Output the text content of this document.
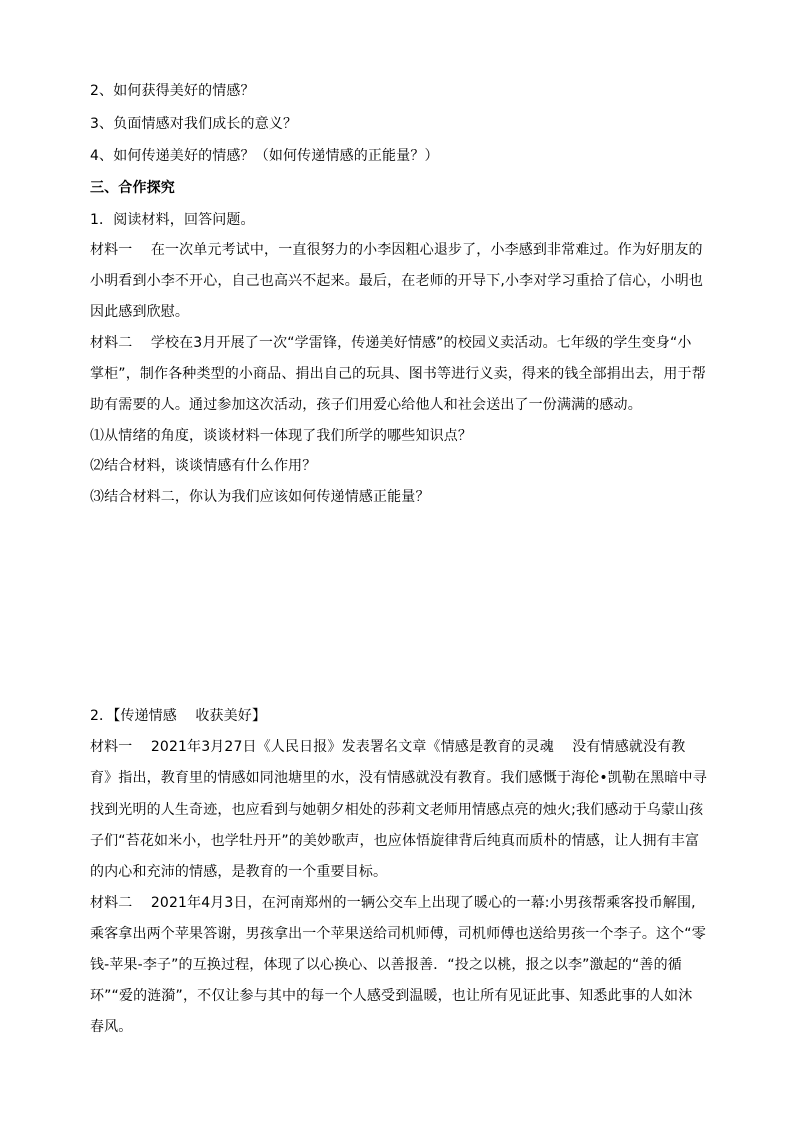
2、如何获得美好的情感？
3、负面情感对我们成长的意义？
4、如何传递美好的情感？（如何传递情感的正能量？）
三、合作探究
1．阅读材料，回答问题。
材料一    在一次单元考试中，一直很努力的小李因粗心退步了，小李感到非常难过。作为好朋友的
小明看到小李不开心，自己也高兴不起来。最后，在老师的开导下,小李对学习重拾了信心，小明也
因此感到欣慰。
材料二    学校在3月开展了一次“学雷锋，传递美好情感”的校园义卖活动。七年级的学生变身“小
掌柜”，制作各种类型的小商品、捐出自己的玩具、图书等进行义卖，得来的钱全部捐出去，用于帮
助有需要的人。通过参加这次活动，孩子们用爱心给他人和社会送出了一份满满的感动。
⑴从情绪的角度，谈谈材料一体现了我们所学的哪些知识点？
⑵结合材料，谈谈情感有什么作用？
⑶结合材料二，你认为我们应该如何传递情感正能量？
2．【传递情感    收获美好】
材料一    2021年3月27日《人民日报》发表署名文章《情感是教育的灵魂    没有情感就没有教
育》指出，教育里的情感如同池塘里的水，没有情感就没有教育。我们感慨于海伦•凯勒在黑暗中寻
找到光明的人生奇迹，也应看到与她朝夕相处的莎莉文老师用情感点亮的烛火;我们感动于乌蒙山孩
子们“苔花如米小，也学牡丹开”的美妙歌声，也应体悟旋律背后纯真而质朴的情感，让人拥有丰富
的内心和充沛的情感，是教育的一个重要目标。
材料二    2021年4月3日，在河南郑州的一辆公交车上出现了暖心的一幕:小男孩帮乘客投币解围,
乘客拿出两个苹果答谢，男孩拿出一个苹果送给司机师傅，司机师傅也送给男孩一个李子。这个“零
钱-苹果-李子”的互换过程，体现了以心换心、以善报善．“投之以桃，报之以李”激起的“善的循
环”“爱的涟漪”，不仅让参与其中的每一个人感受到温暖，也让所有见证此事、知悉此事的人如沐
春风。
